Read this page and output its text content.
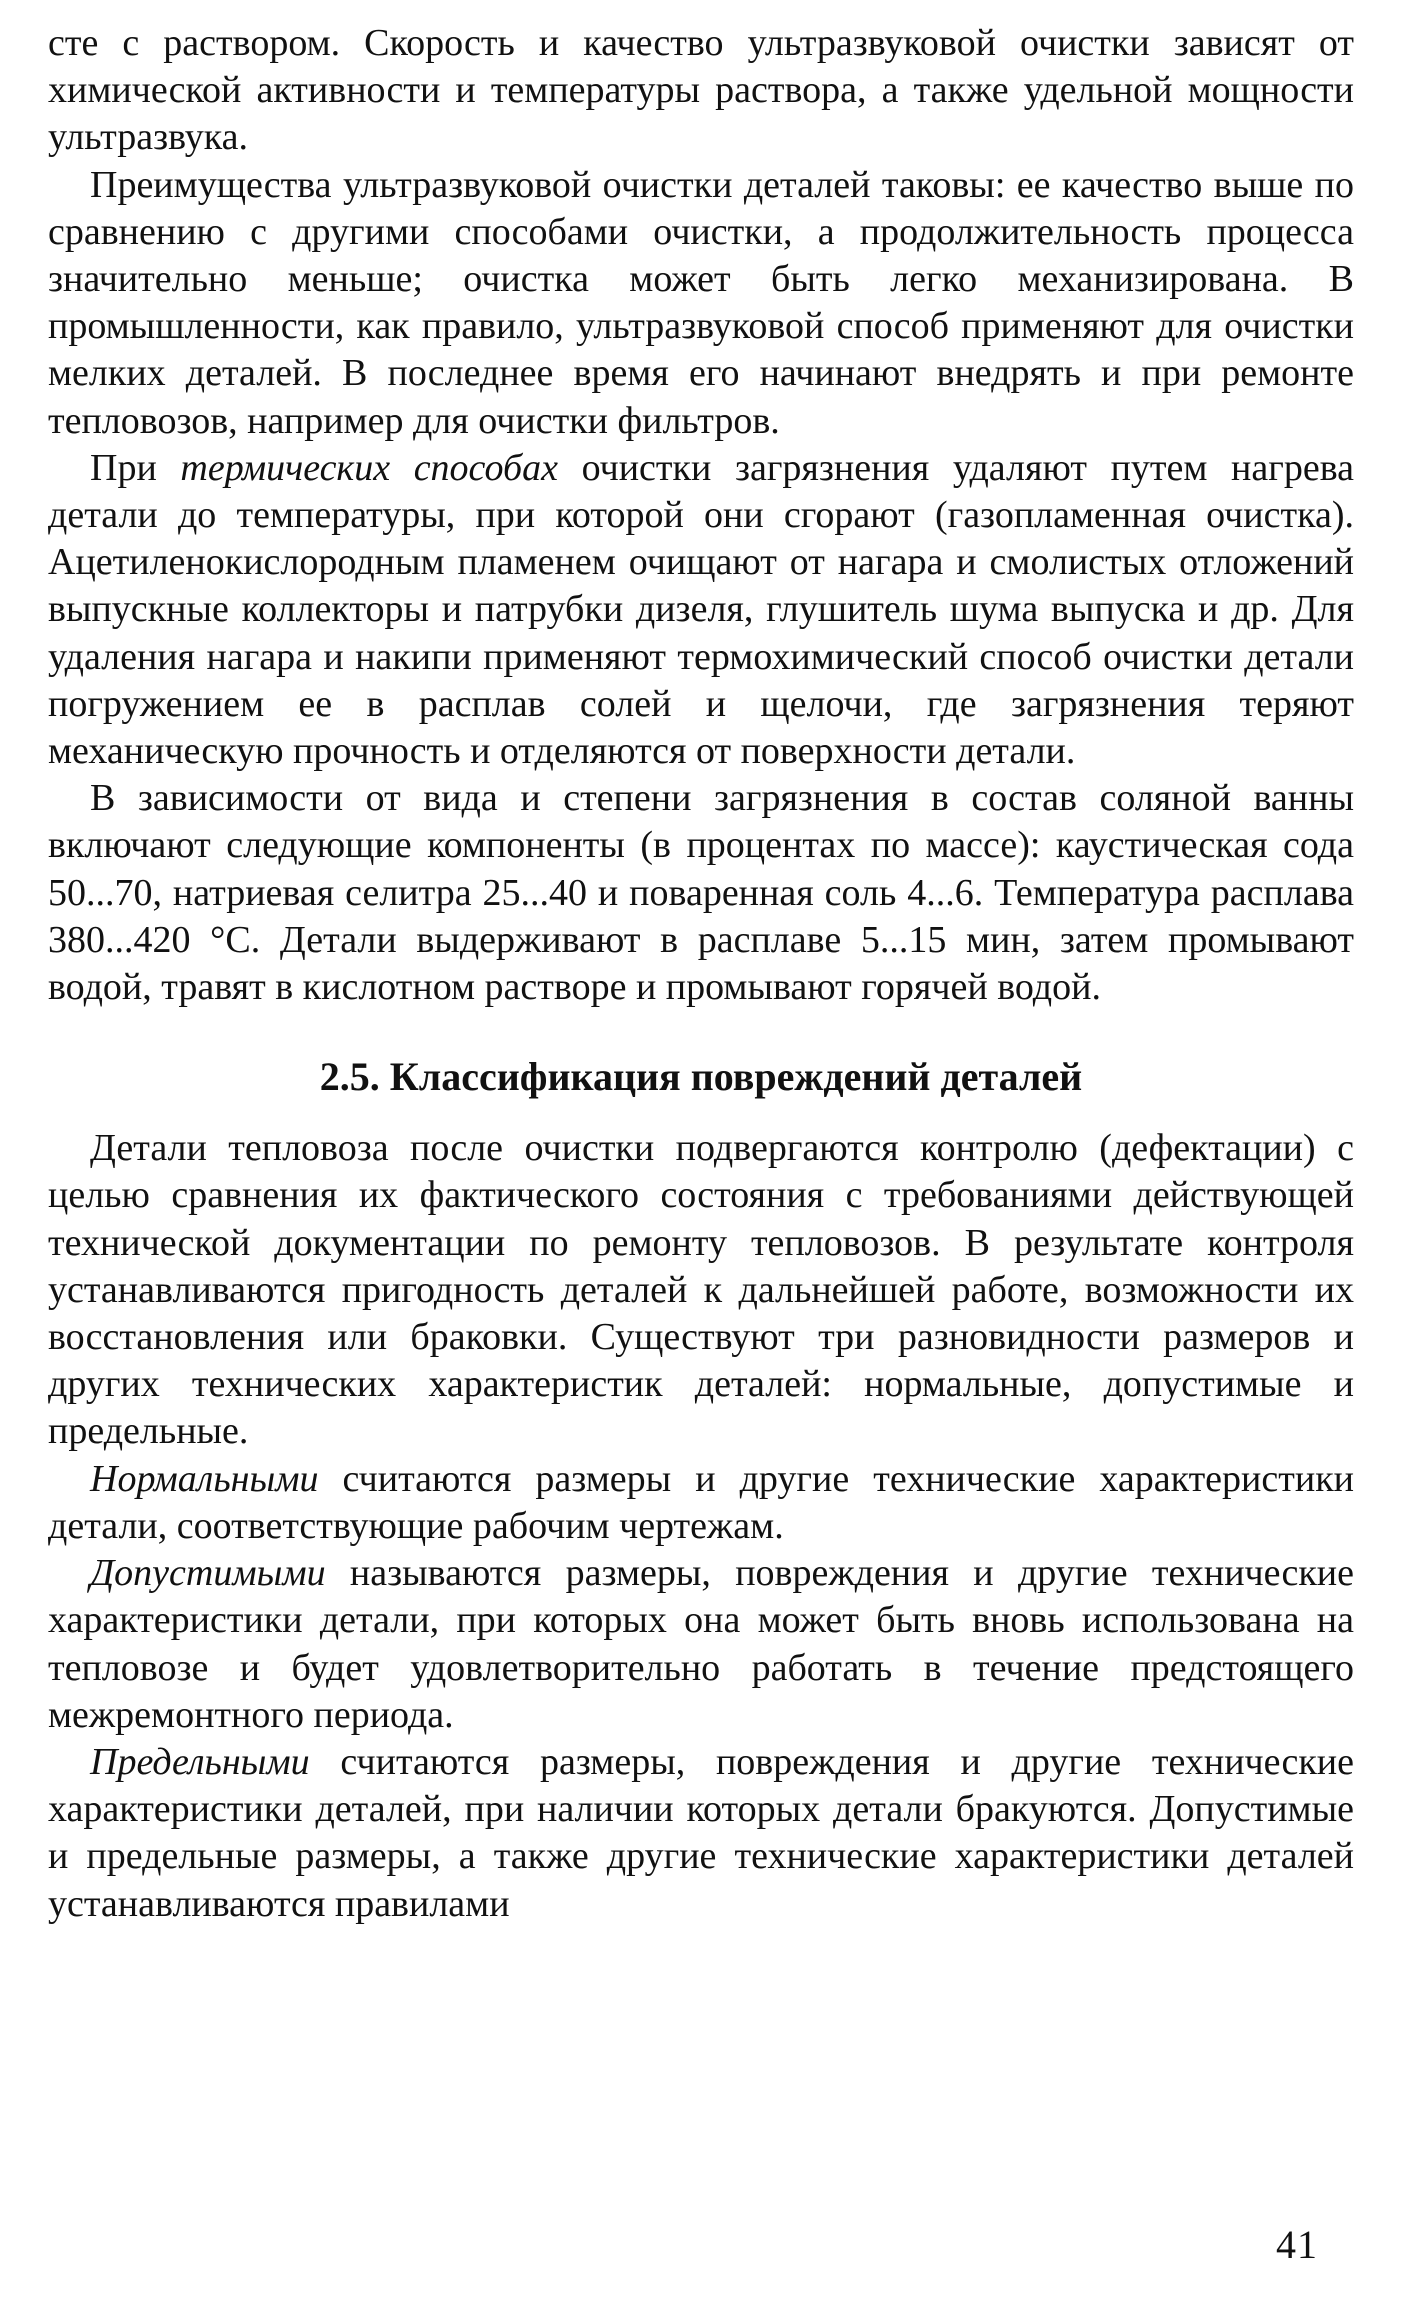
сте с раствором. Скорость и качество ультразвуковой очистки зависят от химической активности и температуры раствора, а также удельной мощности ультразвука.

Преимущества ультразвуковой очистки деталей таковы: ее качество выше по сравнению с другими способами очистки, а продолжительность процесса значительно меньше; очистка может быть легко механизирована. В промышленности, как правило, ультразвуковой способ применяют для очистки мелких деталей. В последнее время его начинают внедрять и при ремонте тепловозов, например для очистки фильтров.

При термических способах очистки загрязнения удаляют путем нагрева детали до температуры, при которой они сгорают (газопламенная очистка). Ацетиленокислородным пламенем очищают от нагара и смолистых отложений выпускные коллекторы и патрубки дизеля, глушитель шума выпуска и др. Для удаления нагара и накипи применяют термохимический способ очистки детали погружением ее в расплав солей и щелочи, где загрязнения теряют механическую прочность и отделяются от поверхности детали.

В зависимости от вида и степени загрязнения в состав соляной ванны включают следующие компоненты (в процентах по массе): каустическая сода 50...70, натриевая селитра 25...40 и поваренная соль 4...6. Температура расплава 380...420 °С. Детали выдерживают в расплаве 5...15 мин, затем промывают водой, травят в кислотном растворе и промывают горячей водой.

2.5. Классификация повреждений деталей

Детали тепловоза после очистки подвергаются контролю (дефектации) с целью сравнения их фактического состояния с требованиями действующей технической документации по ремонту тепловозов. В результате контроля устанавливаются пригодность деталей к дальнейшей работе, возможности их восстановления или браковки. Существуют три разновидности размеров и других технических характеристик деталей: нормальные, допустимые и предельные.

Нормальными считаются размеры и другие технические характеристики детали, соответствующие рабочим чертежам.

Допустимыми называются размеры, повреждения и другие технические характеристики детали, при которых она может быть вновь использована на тепловозе и будет удовлетворительно работать в течение предстоящего межремонтного периода.

Предельными считаются размеры, повреждения и другие технические характеристики деталей, при наличии которых детали бракуются. Допустимые и предельные размеры, а также другие технические характеристики деталей устанавливаются правилами

41
